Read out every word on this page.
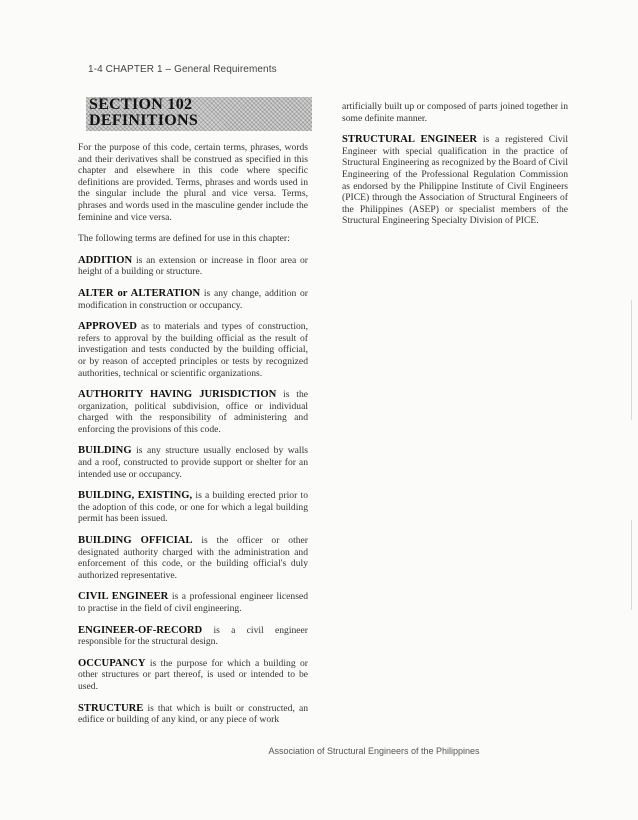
1-4 CHAPTER 1 – General Requirements
SECTION 102
DEFINITIONS

For the purpose of this code, certain terms, phrases, words and their derivatives shall be construed as specified in this chapter and elsewhere in this code where specific definitions are provided. Terms, phrases and words used in the singular include the plural and vice versa. Terms, phrases and words used in the masculine gender include the feminine and vice versa.

The following terms are defined for use in this chapter:

ADDITION is an extension or increase in floor area or height of a building or structure.

ALTER or ALTERATION is any change, addition or modification in construction or occupancy.

APPROVED as to materials and types of construction, refers to approval by the building official as the result of investigation and tests conducted by the building official, or by reason of accepted principles or tests by recognized authorities, technical or scientific organizations.

AUTHORITY HAVING JURISDICTION is the organization, political subdivision, office or individual charged with the responsibility of administering and enforcing the provisions of this code.

BUILDING is any structure usually enclosed by walls and a roof, constructed to provide support or shelter for an intended use or occupancy.

BUILDING, EXISTING, is a building erected prior to the adoption of this code, or one for which a legal building permit has been issued.

BUILDING OFFICIAL is the officer or other designated authority charged with the administration and enforcement of this code, or the building official's duly authorized representative.

CIVIL ENGINEER is a professional engineer licensed to practise in the field of civil engineering.

ENGINEER-OF-RECORD is a civil engineer responsible for the structural design.

OCCUPANCY is the purpose for which a building or other structures or part thereof, is used or intended to be used.

STRUCTURE is that which is built or constructed, an edifice or building of any kind, or any piece of work

artificially built up or composed of parts joined together in some definite manner.

STRUCTURAL ENGINEER is a registered Civil Engineer with special qualification in the practice of Structural Engineering as recognized by the Board of Civil Engineering of the Professional Regulation Commission as endorsed by the Philippine Institute of Civil Engineers (PICE) through the Association of Structural Engineers of the Philippines (ASEP) or specialist members of the Structural Engineering Specialty Division of PICE.

Association of Structural Engineers of the Philippines
